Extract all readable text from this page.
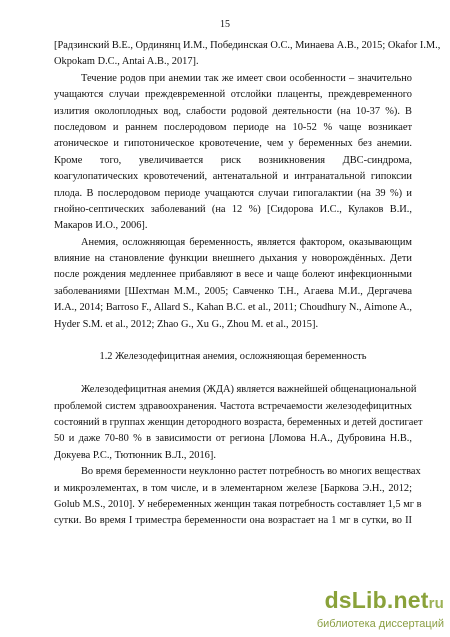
15
[Радзинский В.Е., Ординянц И.М., Побединская О.С., Минаева А.В., 2015; Okafor I.M.,
Okpokam D.C., Antai A.B., 2017].
Течение родов при анемии так же имеет свои особенности – значительно
учащаются случаи преждевременной отслойки плаценты, преждевременного
излития околоплодных вод, слабости родовой деятельности (на 10-37 %). В
последовом и раннем послеродовом периоде на 10-52 % чаще возникает
атоническое и гипотоническое кровотечение, чем у беременных без анемии.
Кроме того, увеличивается риск возникновения ДВС-синдрома,
коагулопатических кровотечений, антенатальной и интранатальной гипоксии
плода. В послеродовом периоде учащаются случаи гипогалактии (на 39 %) и
гнойно-септических заболеваний (на 12 %) [Сидорова И.С., Кулаков В.И.,
Макаров И.О., 2006].
Анемия, осложняющая беременность, является фактором, оказывающим
влияние на становление функции внешнего дыхания у новорождённых. Дети
после рождения медленнее прибавляют в весе и чаще болеют инфекционными
заболеваниями [Шехтман М.М., 2005; Савченко Т.Н., Агаева М.И., Дергачева
И.А., 2014; Barroso F., Allard S., Kahan B.C. et al., 2011; Choudhury N., Aimone A.,
Hyder S.M. et al., 2012; Zhao G., Xu G., Zhou M. et al., 2015].
1.2 Железодефицитная анемия, осложняющая беременность
Железодефицитная анемия (ЖДА) является важнейшей общенациональной
проблемой систем здравоохранения. Частота встречаемости железодефицитных
состояний в группах женщин детородного возраста, беременных и детей достигает
50 и даже 70-80 % в зависимости от региона [Ломова Н.А., Дубровина Н.В.,
Докуева Р.С., Тютюнник В.Л., 2016].
Во время беременности неуклонно растет потребность во многих веществах
и микроэлементах, в том числе, и в элементарном железе [Баркова Э.Н., 2012;
Golub M.S., 2010]. У небеременных женщин такая потребность составляет 1,5 мг в
сутки. Во время I триместра беременности она возрастает на 1 мг в сутки, во II
dsLib.netru
библиотека диссертаций
